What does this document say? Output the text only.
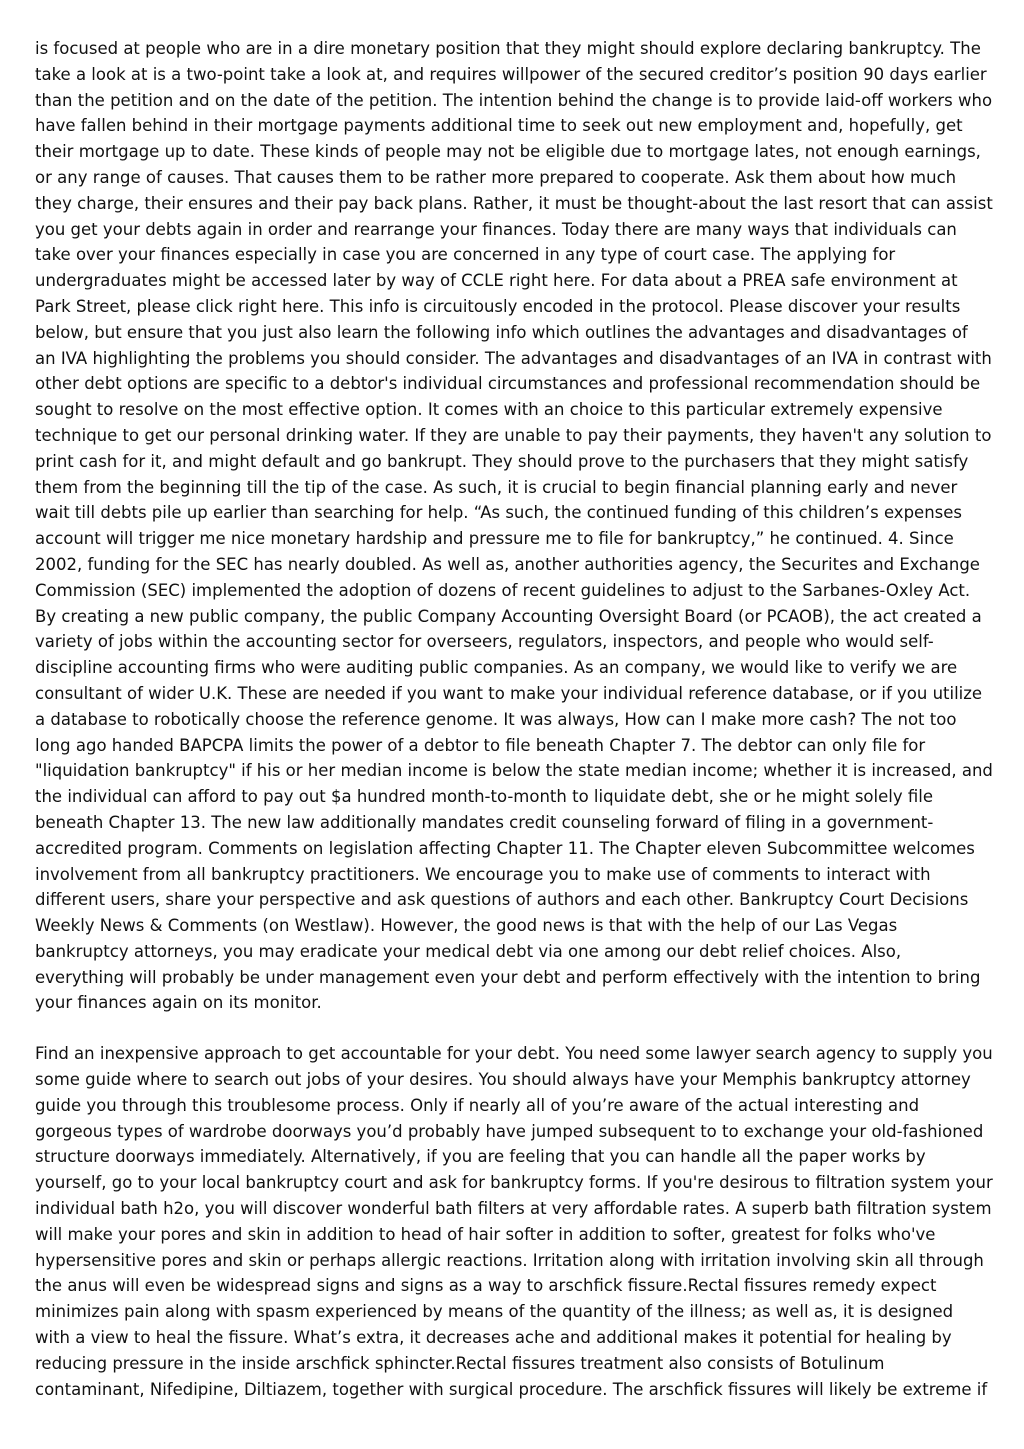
is focused at people who are in a dire monetary position that they might should explore declaring bankruptcy. The take a look at is a two-point take a look at, and requires willpower of the secured creditor’s position 90 days earlier than the petition and on the date of the petition. The intention behind the change is to provide laid-off workers who have fallen behind in their mortgage payments additional time to seek out new employment and, hopefully, get their mortgage up to date. These kinds of people may not be eligible due to mortgage lates, not enough earnings, or any range of causes. That causes them to be rather more prepared to cooperate. Ask them about how much they charge, their ensures and their pay back plans. Rather, it must be thought-about the last resort that can assist you get your debts again in order and rearrange your finances. Today there are many ways that individuals can take over your finances especially in case you are concerned in any type of court case. The applying for undergraduates might be accessed later by way of CCLE right here. For data about a PREA safe environment at Park Street, please click right here. This info is circuitously encoded in the protocol. Please discover your results below, but ensure that you just also learn the following info which outlines the advantages and disadvantages of an IVA highlighting the problems you should consider. The advantages and disadvantages of an IVA in contrast with other debt options are specific to a debtor's individual circumstances and professional recommendation should be sought to resolve on the most effective option. It comes with an choice to this particular extremely expensive technique to get our personal drinking water. If they are unable to pay their payments, they haven't any solution to print cash for it, and might default and go bankrupt. They should prove to the purchasers that they might satisfy them from the beginning till the tip of the case. As such, it is crucial to begin financial planning early and never wait till debts pile up earlier than searching for help. “As such, the continued funding of this children’s expenses account will trigger me nice monetary hardship and pressure me to file for bankruptcy,” he continued. 4. Since 2002, funding for the SEC has nearly doubled. As well as, another authorities agency, the Securites and Exchange Commission (SEC) implemented the adoption of dozens of recent guidelines to adjust to the Sarbanes-Oxley Act. By creating a new public company, the public Company Accounting Oversight Board (or PCAOB), the act created a variety of jobs within the accounting sector for overseers, regulators, inspectors, and people who would self-discipline accounting firms who were auditing public companies. As an company, we would like to verify we are consultant of wider U.K. These are needed if you want to make your individual reference database, or if you utilize a database to robotically choose the reference genome. It was always, How can I make more cash? The not too long ago handed BAPCPA limits the power of a debtor to file beneath Chapter 7. The debtor can only file for "liquidation bankruptcy" if his or her median income is below the state median income; whether it is increased, and the individual can afford to pay out $a hundred month-to-month to liquidate debt, she or he might solely file beneath Chapter 13. The new law additionally mandates credit counseling forward of filing in a government-accredited program. Comments on legislation affecting Chapter 11. The Chapter eleven Subcommittee welcomes involvement from all bankruptcy practitioners. We encourage you to make use of comments to interact with different users, share your perspective and ask questions of authors and each other. Bankruptcy Court Decisions Weekly News & Comments (on Westlaw). However, the good news is that with the help of our Las Vegas bankruptcy attorneys, you may eradicate your medical debt via one among our debt relief choices. Also, everything will probably be under management even your debt and perform effectively with the intention to bring your finances again on its monitor.

Find an inexpensive approach to get accountable for your debt. You need some lawyer search agency to supply you some guide where to search out jobs of your desires. You should always have your Memphis bankruptcy attorney guide you through this troublesome process. Only if nearly all of you’re aware of the actual interesting and gorgeous types of wardrobe doorways you’d probably have jumped subsequent to to exchange your old-fashioned structure doorways immediately. Alternatively, if you are feeling that you can handle all the paper works by yourself, go to your local bankruptcy court and ask for bankruptcy forms. If you're desirous to filtration system your individual bath h2o, you will discover wonderful bath filters at very affordable rates. A superb bath filtration system will make your pores and skin in addition to head of hair softer in addition to softer, greatest for folks who've hypersensitive pores and skin or perhaps allergic reactions. Irritation along with irritation involving skin all through the anus will even be widespread signs and signs as a way to arschfick fissure.Rectal fissures remedy expect minimizes pain along with spasm experienced by means of the quantity of the illness; as well as, it is designed with a view to heal the fissure. What’s extra, it decreases ache and additional makes it potential for healing by reducing pressure in the inside arschfick sphincter.Rectal fissures treatment also consists of Botulinum contaminant, Nifedipine, Diltiazem, together with surgical procedure. The arschfick fissures will likely be extreme if
